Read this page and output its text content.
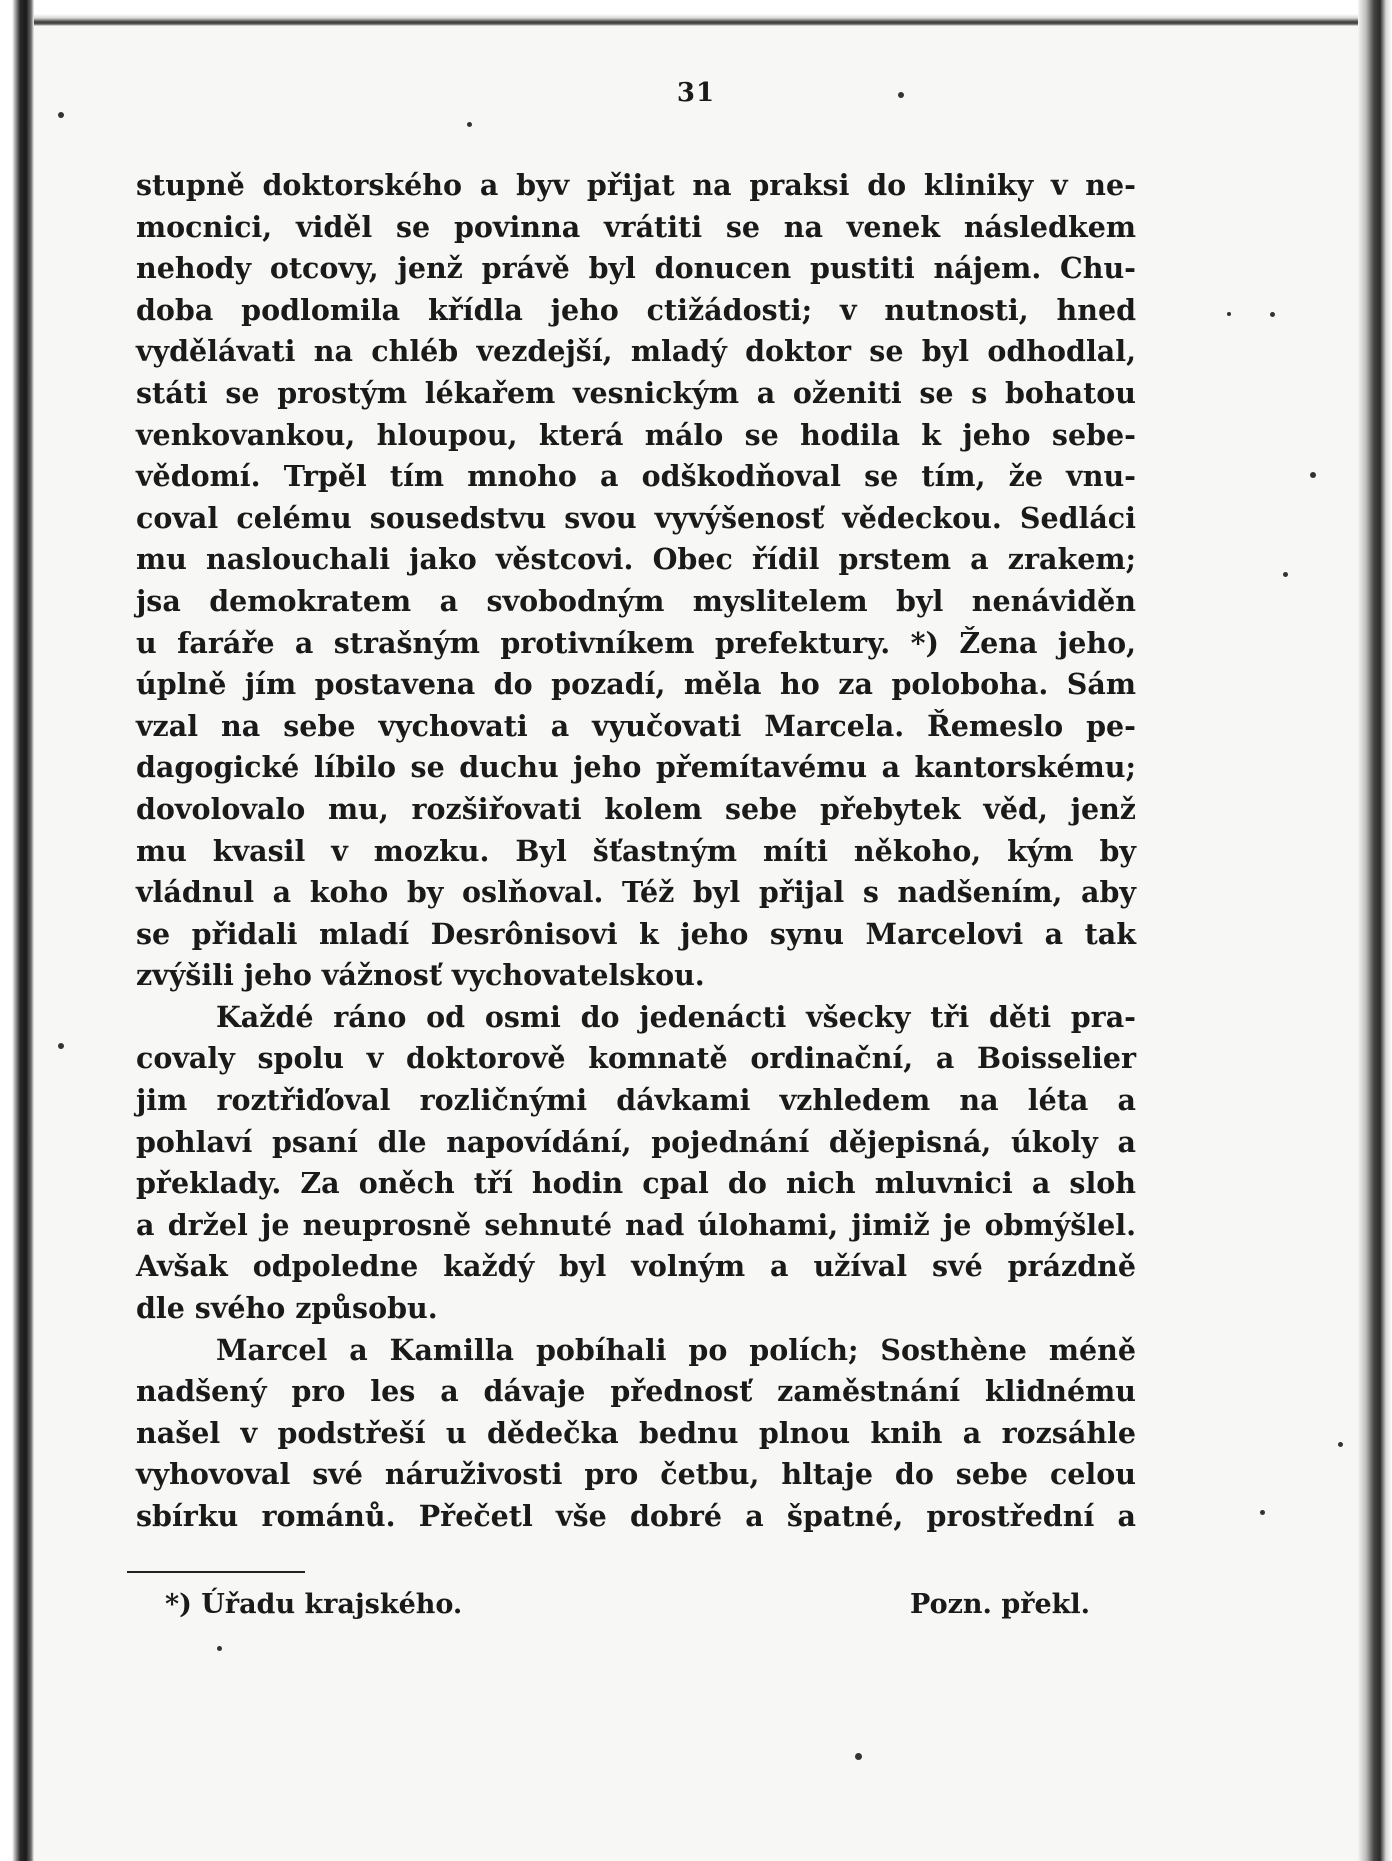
31
stupně doktorského a byv přijat na praksi do kliniky v ne-
mocnici, viděl se povinna vrátiti se na venek následkem
nehody otcovy, jenž právě byl donucen pustiti nájem. Chu-
doba podlomila křídla jeho ctižádosti; v nutnosti, hned
vydělávati na chléb vezdejší, mladý doktor se byl odhodlal,
státi se prostým lékařem vesnickým a oženiti se s bohatou
venkovankou, hloupou, která málo se hodila k jeho sebe-
vědomí. Trpěl tím mnoho a odškodňoval se tím, že vnu-
coval celému sousedstvu svou vyvýšenosť vědeckou. Sedláci
mu naslouchali jako věstcovi. Obec řídil prstem a zrakem;
jsa demokratem a svobodným myslitelem byl nenáviděn
u faráře a strašným protivníkem prefektury. *) Žena jeho,
úplně jím postavena do pozadí, měla ho za poloboha. Sám
vzal na sebe vychovati a vyučovati Marcela. Řemeslo pe-
dagogické líbilo se duchu jeho přemítavému a kantorskému;
dovolovalo mu, rozšiřovati kolem sebe přebytek věd, jenž
mu kvasil v mozku. Byl šťastným míti někoho, kým by
vládnul a koho by oslňoval. Též byl přijal s nadšením, aby
se přidali mladí Desrônisovi k jeho synu Marcelovi a tak
zvýšili jeho vážnosť vychovatelskou.
Každé ráno od osmi do jedenácti všecky tři děti pra-
covaly spolu v doktorově komnatě ordinační, a Boisselier
jim roztřiďoval rozličnými dávkami vzhledem na léta a
pohlaví psaní dle napovídání, pojednání dějepisná, úkoly a
překlady. Za oněch tří hodin cpal do nich mluvnici a sloh
a držel je neuprosně sehnuté nad úlohami, jimiž je obmýšlel.
Avšak odpoledne každý byl volným a užíval své prázdně
dle svého způsobu.
Marcel a Kamilla pobíhali po polích; Sosthène méně
nadšený pro les a dávaje přednosť zaměstnání klidnému
našel v podstřeší u dědečka bednu plnou knih a rozsáhle
vyhovoval své náruživosti pro četbu, hltaje do sebe celou
sbírku románů. Přečetl vše dobré a špatné, prostřední a
*) Úřadu krajského.	Pozn. překl.
